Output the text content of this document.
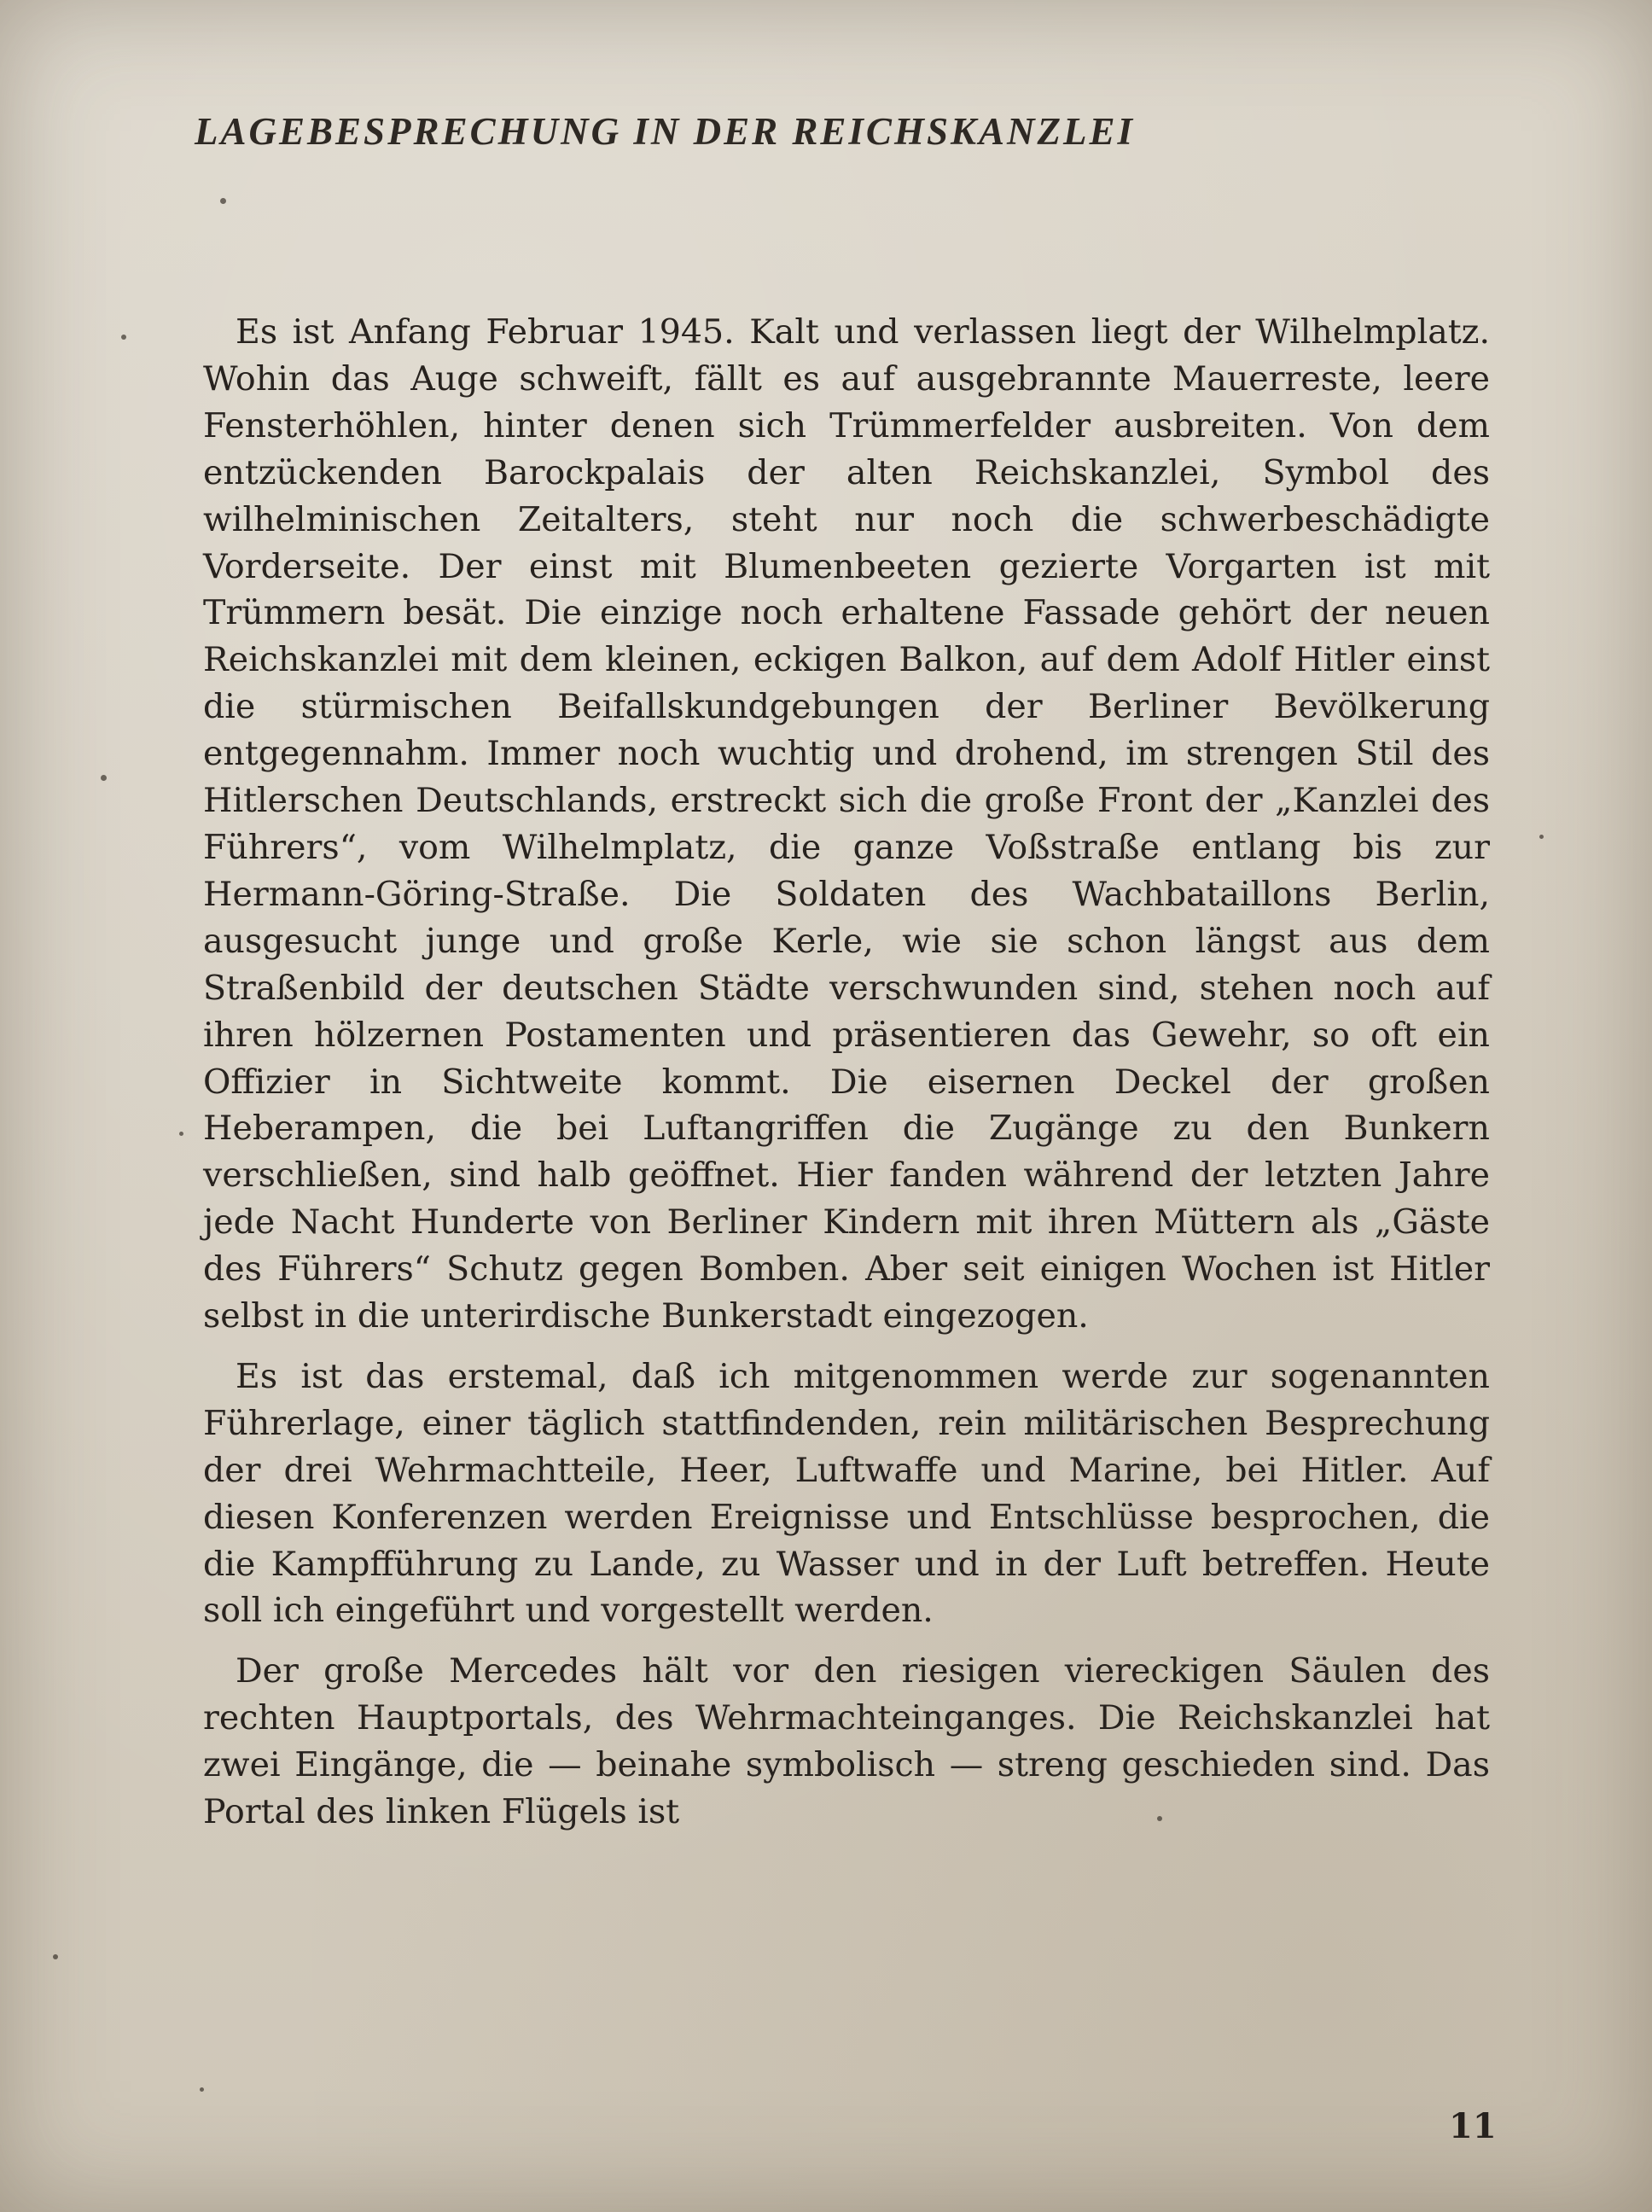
LAGEBESPRECHUNG IN DER REICHSKANZLEI

Es ist Anfang Februar 1945. Kalt und verlassen liegt der Wilhelmplatz. Wohin das Auge schweift, fällt es auf ausgebrannte Mauerreste, leere Fensterhöhlen, hinter denen sich Trümmerfelder ausbreiten. Von dem entzückenden Barockpalais der alten Reichskanzlei, Symbol des wilhelminischen Zeitalters, steht nur noch die schwerbeschädigte Vorderseite. Der einst mit Blumenbeeten gezierte Vorgarten ist mit Trümmern besät. Die einzige noch erhaltene Fassade gehört der neuen Reichskanzlei mit dem kleinen, eckigen Balkon, auf dem Adolf Hitler einst die stürmischen Beifallskundgebungen der Berliner Bevölkerung entgegennahm. Immer noch wuchtig und drohend, im strengen Stil des Hitlerschen Deutschlands, erstreckt sich die große Front der „Kanzlei des Führers“, vom Wilhelmplatz, die ganze Voßstraße entlang bis zur Hermann-Göring-Straße. Die Soldaten des Wachbataillons Berlin, ausgesucht junge und große Kerle, wie sie schon längst aus dem Straßenbild der deutschen Städte verschwunden sind, stehen noch auf ihren hölzernen Postamenten und präsentieren das Gewehr, so oft ein Offizier in Sichtweite kommt. Die eisernen Deckel der großen Heberampen, die bei Luftangriffen die Zugänge zu den Bunkern verschließen, sind halb geöffnet. Hier fanden während der letzten Jahre jede Nacht Hunderte von Berliner Kindern mit ihren Müttern als „Gäste des Führers“ Schutz gegen Bomben. Aber seit einigen Wochen ist Hitler selbst in die unterirdische Bunkerstadt eingezogen.

Es ist das erstemal, daß ich mitgenommen werde zur sogenannten Führerlage, einer täglich stattfindenden, rein militärischen Besprechung der drei Wehrmachtteile, Heer, Luftwaffe und Marine, bei Hitler. Auf diesen Konferenzen werden Ereignisse und Entschlüsse besprochen, die die Kampfführung zu Lande, zu Wasser und in der Luft betreffen. Heute soll ich eingeführt und vorgestellt werden.

Der große Mercedes hält vor den riesigen viereckigen Säulen des rechten Hauptportals, des Wehrmachteinganges. Die Reichskanzlei hat zwei Eingänge, die — beinahe symbolisch — streng geschieden sind. Das Portal des linken Flügels ist

11
